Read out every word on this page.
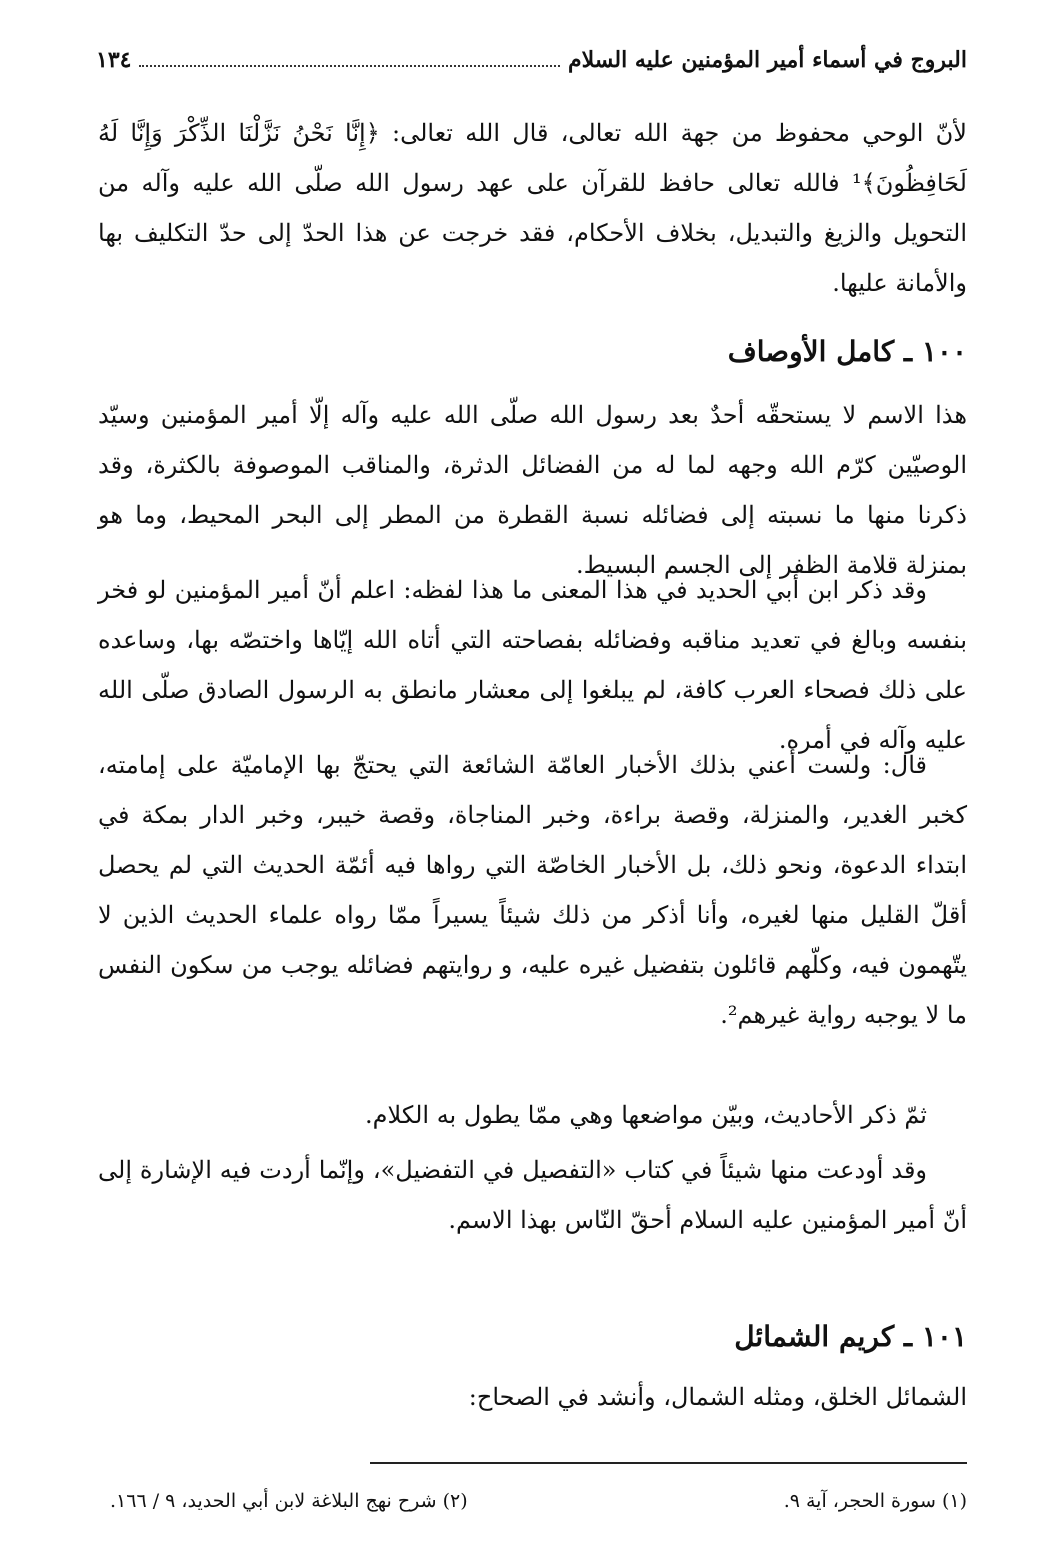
البروج في أسماء أمير المؤمنين عليه السلام
١٣٤

لأنّ الوحي محفوظ من جهة الله تعالى، قال الله تعالى: ﴿إِنَّا نَحْنُ نَزَّلْنَا الذِّكْرَ وَإِنَّا لَهُ لَحَافِظُونَ﴾¹ فالله تعالى حافظ للقرآن على عهد رسول الله صلّى الله عليه وآله من التحويل والزيغ والتبديل، بخلاف الأحكام، فقد خرجت عن هذا الحدّ إلى حدّ التكليف بها والأمانة عليها.

١٠٠ ـ كامل الأوصاف

هذا الاسم لا يستحقّه أحدٌ بعد رسول الله صلّى الله عليه وآله إلّا أمير المؤمنين وسيّد الوصيّين كرّم الله وجهه لما له من الفضائل الدثرة، والمناقب الموصوفة بالكثرة، وقد ذكرنا منها ما نسبته إلى فضائله نسبة القطرة من المطر إلى البحر المحيط، وما هو بمنزلة قلامة الظفر إلى الجسم البسيط.

وقد ذكر ابن أبي الحديد في هذا المعنى ما هذا لفظه: اعلم أنّ أمير المؤمنين لو فخر بنفسه وبالغ في تعديد مناقبه وفضائله بفصاحته التي أتاه الله إيّاها واختصّه بها، وساعده على ذلك فصحاء العرب كافة، لم يبلغوا إلى معشار مانطق به الرسول الصادق صلّى الله عليه وآله في أمره.

قال: ولست أعني بذلك الأخبار العامّة الشائعة التي يحتجّ بها الإماميّة على إمامته، كخبر الغدير، والمنزلة، وقصة براءة، وخبر المناجاة، وقصة خيبر، وخبر الدار بمكة في ابتداء الدعوة، ونحو ذلك، بل الأخبار الخاصّة التي رواها فيه أئمّة الحديث التي لم يحصل أقلّ القليل منها لغيره، وأنا أذكر من ذلك شيئاً يسيراً ممّا رواه علماء الحديث الذين لا يتّهمون فيه، وكلّهم قائلون بتفضيل غيره عليه، و روايتهم فضائله يوجب من سكون النفس ما لا يوجبه رواية غيرهم².

ثمّ ذكر الأحاديث، وبيّن مواضعها وهي ممّا يطول به الكلام.

وقد أودعت منها شيئاً في كتاب «التفصيل في التفضيل»، وإنّما أردت فيه الإشارة إلى أنّ أمير المؤمنين عليه السلام أحقّ النّاس بهذا الاسم.

١٠١ ـ كريم الشمائل

الشمائل الخلق، ومثله الشمال، وأنشد في الصحاح:

(١) سورة الحجر، آية ٩.
(٢) شرح نهج البلاغة لابن أبي الحديد، ٩ / ١٦٦.
